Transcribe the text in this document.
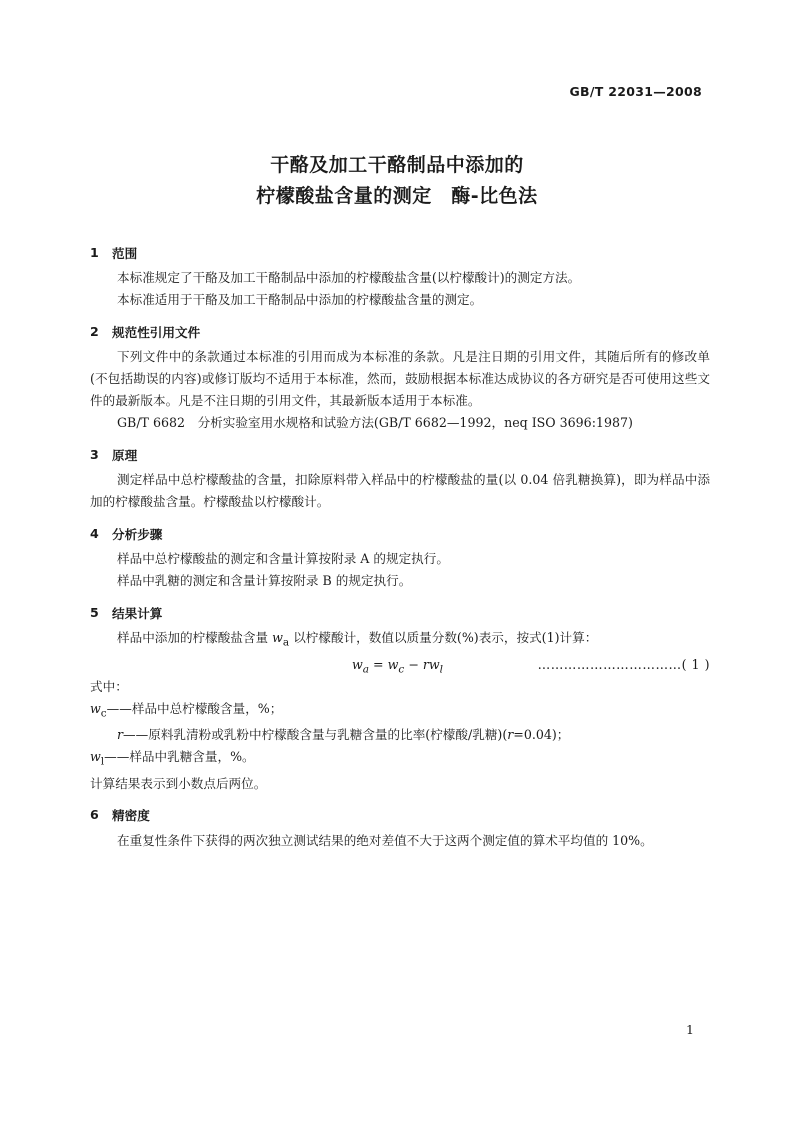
GB/T 22031—2008
干酪及加工干酪制品中添加的
柠檬酸盐含量的测定　酶-比色法
1	范围

本标准规定了干酪及加工干酪制品中添加的柠檬酸盐含量(以柠檬酸计)的测定方法。

本标准适用于干酪及加工干酪制品中添加的柠檬酸盐含量的测定。

2	规范性引用文件

下列文件中的条款通过本标准的引用而成为本标准的条款。凡是注日期的引用文件，其随后所有的修改单(不包括勘误的内容)或修订版均不适用于本标准，然而，鼓励根据本标准达成协议的各方研究是否可使用这些文件的最新版本。凡是不注日期的引用文件，其最新版本适用于本标准。

GB/T 6682　分析实验室用水规格和试验方法(GB/T 6682—1992，neq ISO 3696:1987)

3	原理

测定样品中总柠檬酸盐的含量，扣除原料带入样品中的柠檬酸盐的量(以 0.04 倍乳糖换算)，即为样品中添加的柠檬酸盐含量。柠檬酸盐以柠檬酸计。

4	分析步骤

样品中总柠檬酸盐的测定和含量计算按附录 A 的规定执行。

样品中乳糖的测定和含量计算按附录 B 的规定执行。

5	结果计算

样品中添加的柠檬酸盐含量 $w_a$ 以柠檬酸计，数值以质量分数(%)表示，按式(1)计算：

$w_a = w_c - rw_l$	……………………………( 1 )

式中：

$w_c——$样品中总柠檬酸含量，%；

r——原料乳清粉或乳粉中柠檬酸含量与乳糖含量的比率(柠檬酸/乳糖)(r=0.04)；

$w_l——$样品中乳糖含量，%。

计算结果表示到小数点后两位。

6	精密度

在重复性条件下获得的两次独立测试结果的绝对差值不大于这两个测定值的算术平均值的 10%。

1
